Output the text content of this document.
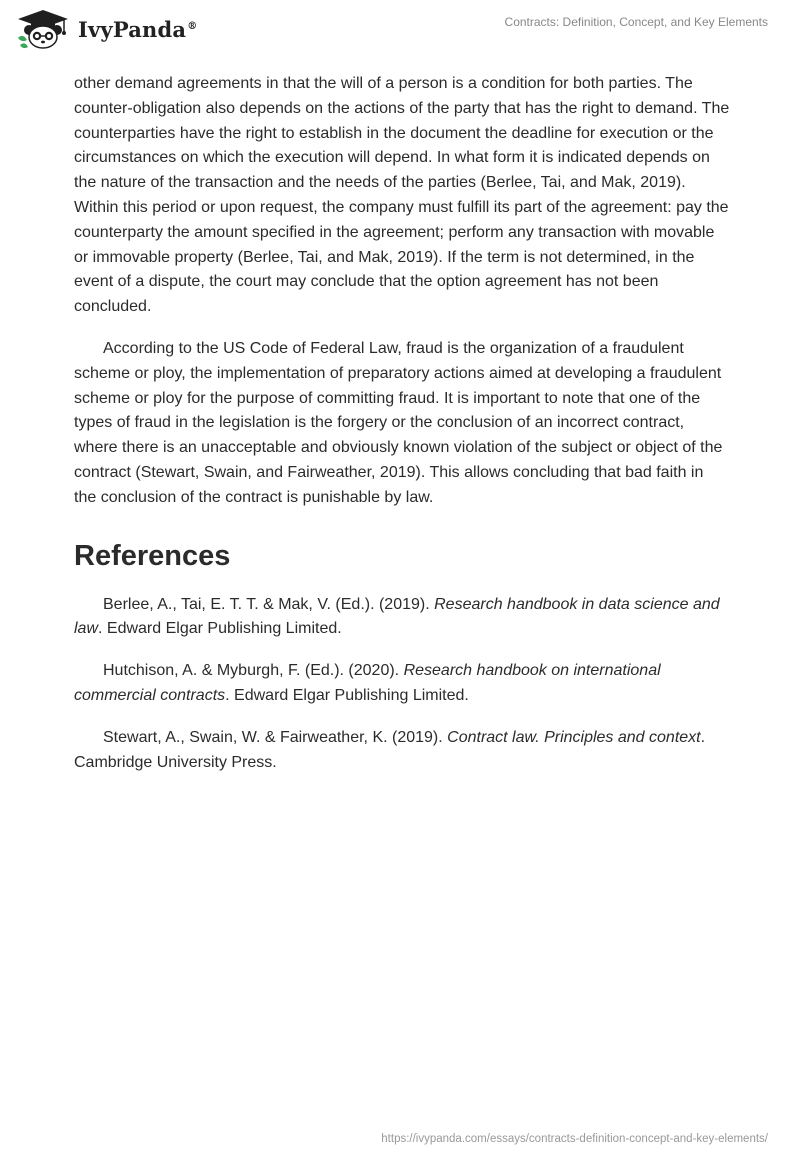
IvyPanda®	Contracts: Definition, Concept, and Key Elements

other demand agreements in that the will of a person is a condition for both parties. The counter-obligation also depends on the actions of the party that has the right to demand. The counterparties have the right to establish in the document the deadline for execution or the circumstances on which the execution will depend. In what form it is indicated depends on the nature of the transaction and the needs of the parties (Berlee, Tai, and Mak, 2019). Within this period or upon request, the company must fulfill its part of the agreement: pay the counterparty the amount specified in the agreement; perform any transaction with movable or immovable property (Berlee, Tai, and Mak, 2019). If the term is not determined, in the event of a dispute, the court may conclude that the option agreement has not been concluded.

According to the US Code of Federal Law, fraud is the organization of a fraudulent scheme or ploy, the implementation of preparatory actions aimed at developing a fraudulent scheme or ploy for the purpose of committing fraud. It is important to note that one of the types of fraud in the legislation is the forgery or the conclusion of an incorrect contract, where there is an unacceptable and obviously known violation of the subject or object of the contract (Stewart, Swain, and Fairweather, 2019). This allows concluding that bad faith in the conclusion of the contract is punishable by law.

References

Berlee, A., Tai, E. T. T. & Mak, V. (Ed.). (2019). Research handbook in data science and law. Edward Elgar Publishing Limited.

Hutchison, A. & Myburgh, F. (Ed.). (2020). Research handbook on international commercial contracts. Edward Elgar Publishing Limited.

Stewart, A., Swain, W. & Fairweather, K. (2019). Contract law. Principles and context. Cambridge University Press.

https://ivypanda.com/essays/contracts-definition-concept-and-key-elements/
